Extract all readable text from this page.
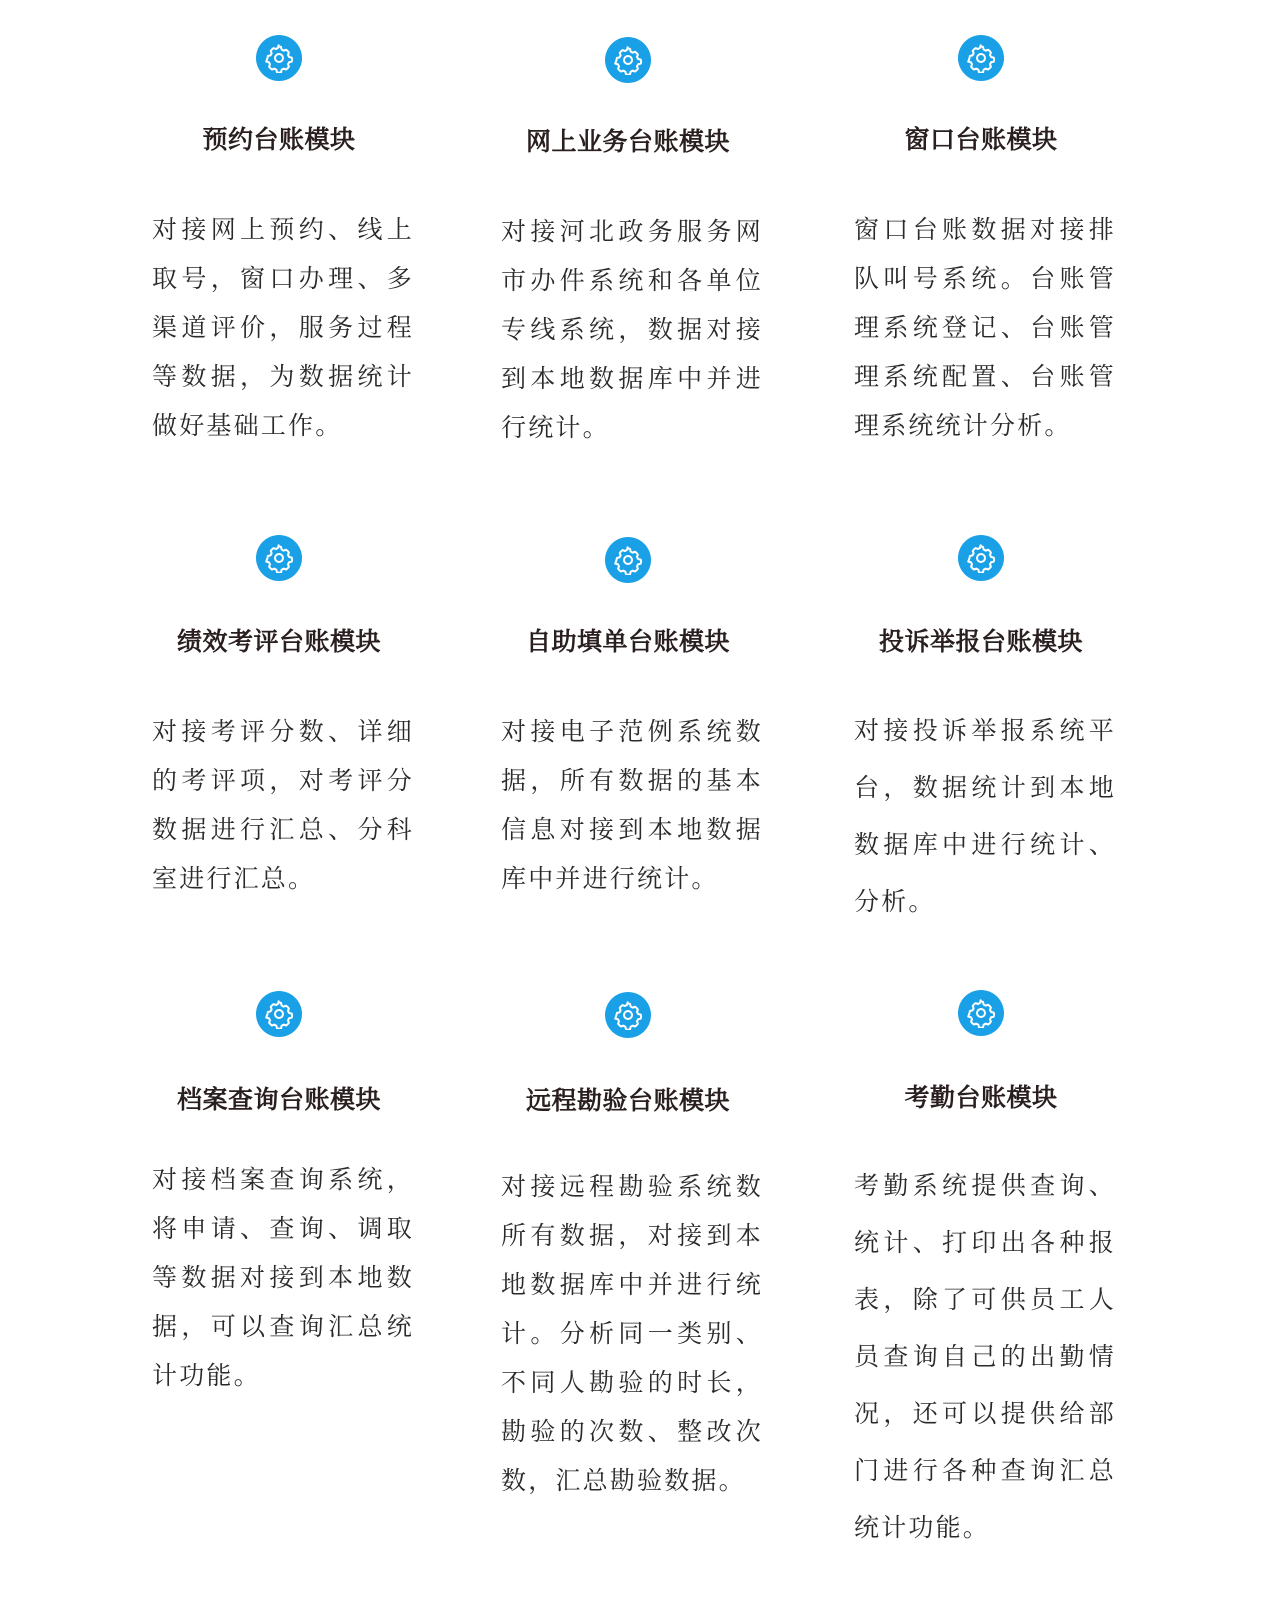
预约台账模块
对接网上预约、线上取号，窗口办理、多渠道评价，服务过程等数据，为数据统计做好基础工作。
网上业务台账模块
对接河北政务服务网市办件系统和各单位专线系统，数据对接到本地数据库中并进行统计。
窗口台账模块
窗口台账数据对接排队叫号系统。台账管理系统登记、台账管理系统配置、台账管理系统统计分析。
绩效考评台账模块
对接考评分数、详细的考评项，对考评分数据进行汇总、分科室进行汇总。
自助填单台账模块
对接电子范例系统数据，所有数据的基本信息对接到本地数据库中并进行统计。
投诉举报台账模块
对接投诉举报系统平台，数据统计到本地数据库中进行统计、分析。
档案查询台账模块
对接档案查询系统，将申请、查询、调取等数据对接到本地数据，可以查询汇总统计功能。
远程勘验台账模块
对接远程勘验系统数所有数据，对接到本地数据库中并进行统计。分析同一类别、不同人勘验的时长，勘验的次数、整改次数，汇总勘验数据。
考勤台账模块
考勤系统提供查询、统计、打印出各种报表，除了可供员工人员查询自己的出勤情况，还可以提供给部门进行各种查询汇总统计功能。
